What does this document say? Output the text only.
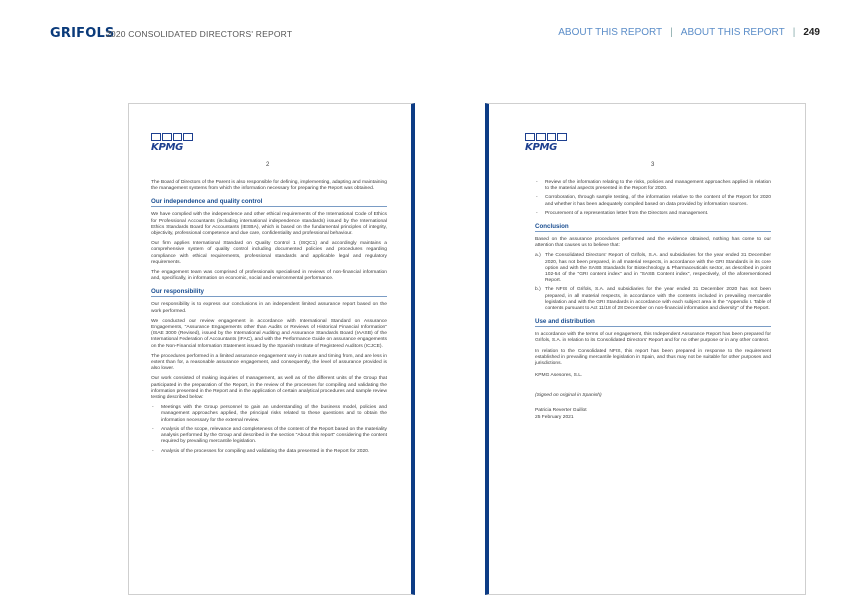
GRIFOLS
2020 CONSOLIDATED DIRECTORS' REPORT	ABOUT THIS REPORT | ABOUT THIS REPORT | 249
KPMG
2

The Board of Directors of the Parent is also responsible for defining, implementing, adapting and maintaining the management systems from which the information necessary for preparing the Report was obtained.

Our independence and quality control

We have complied with the independence and other ethical requirements of the International Code of Ethics for Professional Accountants (including international independence standards) issued by the International Ethics Standards Board for Accountants (IESBA), which is based on the fundamental principles of integrity, objectivity, professional competence and due care, confidentiality and professional behaviour.

Our firm applies International Standard on Quality Control 1 (ISQC1) and accordingly maintains a comprehensive system of quality control including documented policies and procedures regarding compliance with ethical requirements, professional standards and applicable legal and regulatory requirements.

The engagement team was comprised of professionals specialised in reviews of non-financial information and, specifically, in information on economic, social and environmental performance.

Our responsibility

Our responsibility is to express our conclusions in an independent limited assurance report based on the work performed.

We conducted our review engagement in accordance with International Standard on Assurance Engagements, "Assurance Engagements other than Audits or Reviews of Historical Financial Information" (ISAE 3000 (Revised), issued by the International Auditing and Assurance Standards Board (IAASB) of the International Federation of Accountants (IFAC), and with the Performance Guide on assurance engagements on the Non-Financial Information Statement issued by the Spanish Institute of Registered Auditors (ICJCE).

The procedures performed in a limited assurance engagement vary in nature and timing from, and are less in extent than for, a reasonable assurance engagement, and consequently, the level of assurance provided is also lower.

Our work consisted of making inquiries of management, as well as of the different units of the Group that participated in the preparation of the Report, in the review of the processes for compiling and validating the information presented in the Report and in the application of certain analytical procedures and sample review testing described below:

- Meetings with the Group personnel to gain an understanding of the business model, policies and management approaches applied, the principal risks related to these questions and to obtain the information necessary for the external review.
- Analysis of the scope, relevance and completeness of the content of the Report based on the materiality analysis performed by the Group and described in the section "About this report" considering the content required by prevailing mercantile legislation.
- Analysis of the processes for compiling and validating the data presented in the Report for 2020.
KPMG
3
- Review of the information relating to the risks, policies and management approaches applied in relation to the material aspects presented in the Report for 2020.
- Corroboration, through sample testing, of the information relative to the content of the Report for 2020 and whether it has been adequately compiled based on data provided by information sources.
- Procurement of a representation letter from the Directors and management.
Conclusion

Based on the assurance procedures performed and the evidence obtained, nothing has come to our attention that causes us to believe that:

a.) The Consolidated Directors' Report of Grifols, S.A. and subsidiaries for the year ended 31 December 2020, has not been prepared, in all material respects, in accordance with the GRI Standards in its core option and with the SASB Standards for Biotechnology & Pharmaceuticals sector, as described in point 102-54 of the "GRI content index" and in "SASB Content index", respectively, of the aforementioned Report.
b.) The NFIS of Grifols, S.A. and subsidiaries for the year ended 31 December 2020 has not been prepared, in all material respects, in accordance with the contents included in prevailing mercantile legislation and with the GRI Standards in accordance with each subject area in the "Appendix I. Table of contents pursuant to Act 11/18 of 28 December on non-financial information and diversity" of the Report.
Use and distribution

In accordance with the terms of our engagement, this Independent Assurance Report has been prepared for Grifols, S.A. in relation to its Consolidated Directors' Report and for no other purpose or in any other context.

In relation to the Consolidated NFIS, this report has been prepared in response to the requirement established in prevailing mercantile legislation in Spain, and thus may not be suitable for other purposes and jurisdictions.

KPMG Asesores, S.L.

(Signed on original in Spanish)

Patricia Reverter Guillot

25 February 2021
